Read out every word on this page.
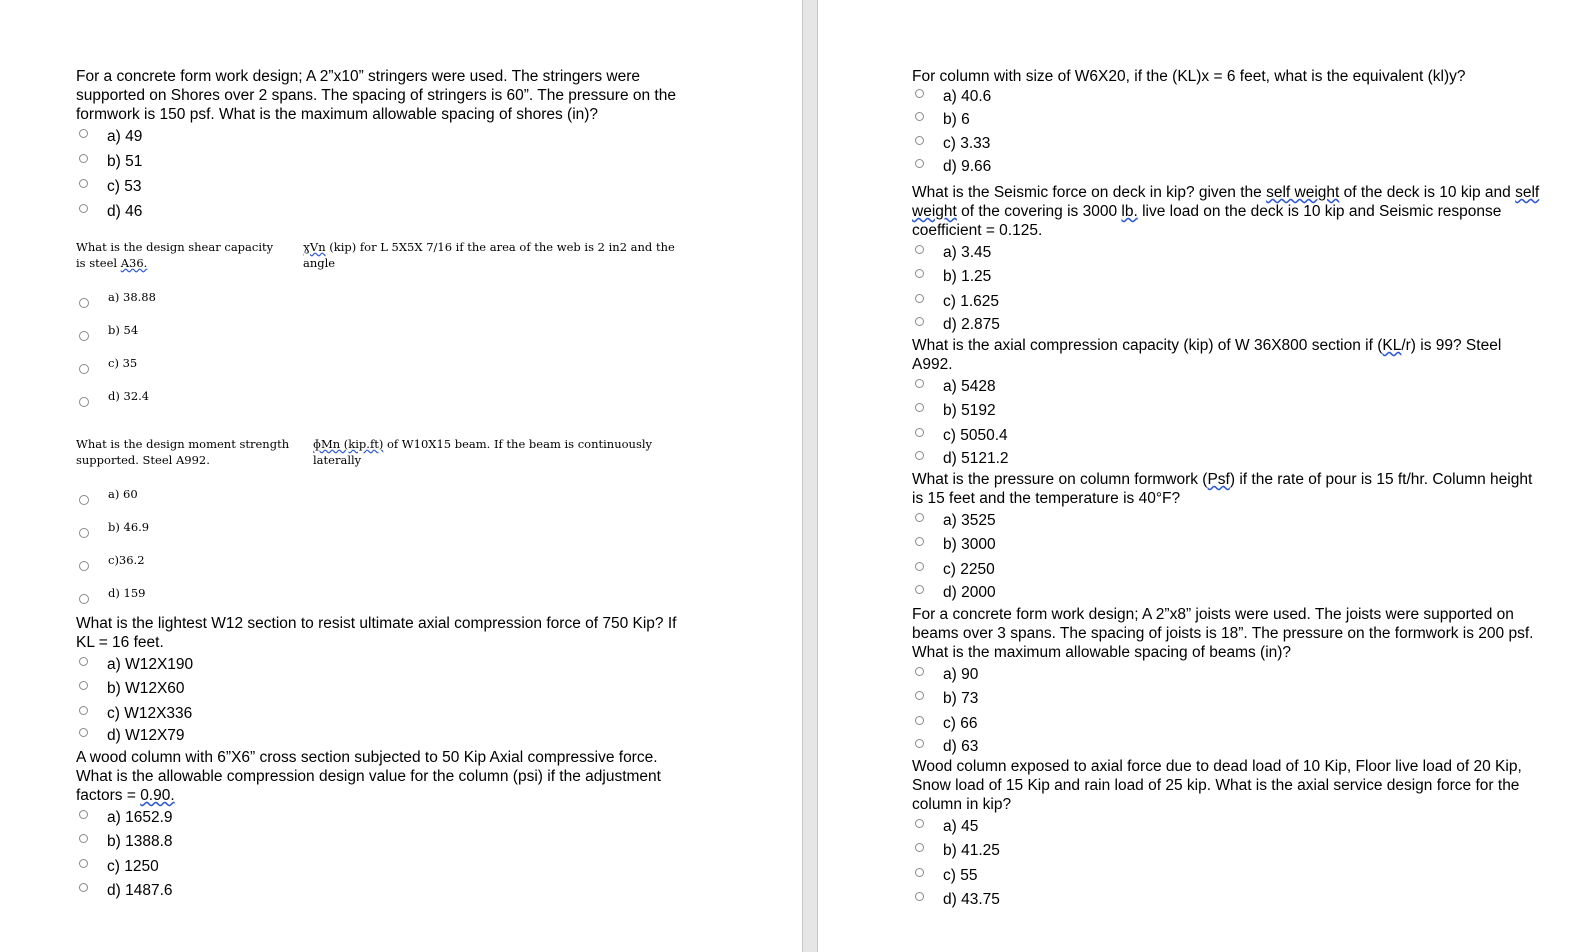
For a concrete form work design; A 2”x10” stringers were used. The stringers were supported on Shores over 2 spans. The spacing of stringers is 60”. The pressure on the formwork is 150 psf. What is the maximum allowable spacing of shores (in)?

a) 49
b) 51
c) 53
d) 46
What is the design shear capacity
is steel A36.
ɣVn (kip) for L 5X5X 7/16 if the area of the web is 2 in2 and the angle
a) 38.88
b) 54
c) 35
d) 32.4
What is the design moment strength
supported. Steel A992.
ɸMn (kip.ft) of W10X15 beam. If the beam is continuously laterally
a) 60
b) 46.9
c)36.2
d) 159

What is the lightest W12 section to resist ultimate axial compression force of 750 Kip? If KL = 16 feet.

a) W12X190
b) W12X60
c) W12X336
d) W12X79

A wood column with 6”X6” cross section subjected to 50 Kip Axial compressive force. What is the allowable compression design value for the column (psi) if the adjustment factors = 0.90.

a) 1652.9
b) 1388.8
c) 1250
d) 1487.6

For column with size of W6X20, if the (KL)x = 6 feet, what is the equivalent (kl)y?

a) 40.6
b) 6
c) 3.33
d) 9.66

What is the Seismic force on deck in kip? given the self weight of the deck is 10 kip and self weight of the covering is 3000 lb. live load on the deck is 10 kip and Seismic response coefficient = 0.125.

a) 3.45
b) 1.25
c) 1.625
d) 2.875

What is the axial compression capacity (kip) of W 36X800 section if (KL/r) is 99? Steel A992.

a) 5428
b) 5192
c) 5050.4
d) 5121.2

What is the pressure on column formwork (Psf) if the rate of pour is 15 ft/hr. Column height is 15 feet and the temperature is 40°F?

a) 3525
b) 3000
c) 2250
d) 2000

For a concrete form work design; A 2”x8” joists were used. The joists were supported on beams over 3 spans. The spacing of joists is 18”. The pressure on the formwork is 200 psf. What is the maximum allowable spacing of beams (in)?

a) 90
b) 73
c) 66
d) 63

Wood column exposed to axial force due to dead load of 10 Kip, Floor live load of 20 Kip, Snow load of 15 Kip and rain load of 25 kip. What is the axial service design force for the column in kip?

a) 45
b) 41.25
c) 55
d) 43.75
